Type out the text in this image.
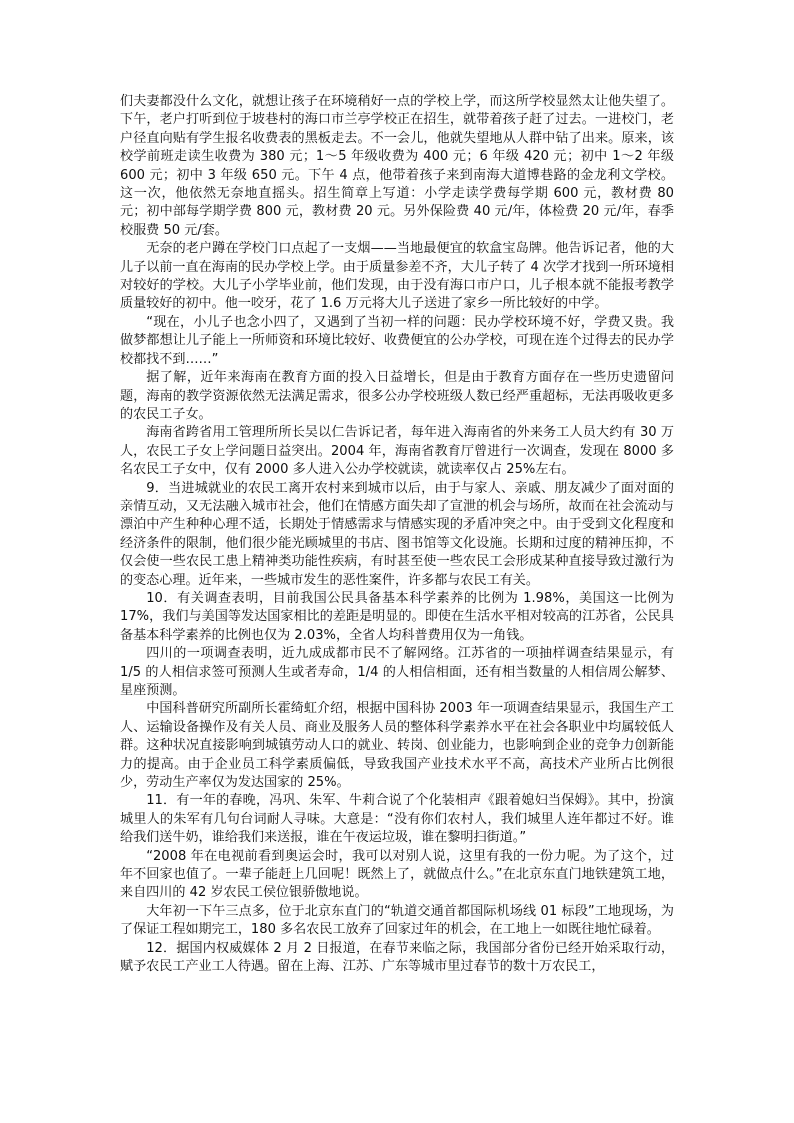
们夫妻都没什么文化，就想让孩子在环境稍好一点的学校上学，而这所学校显然太让他失望了。下午，老户打听到位于坡巷村的海口市兰亭学校正在招生，就带着孩子赶了过去。一进校门，老户径直向贴有学生报名收费表的黑板走去。不一会儿，他就失望地从人群中钻了出来。原来，该校学前班走读生收费为 380 元；1～5 年级收费为 400 元；6 年级 420 元；初中 1～2 年级 600 元；初中 3 年级 650 元。下午 4 点，他带着孩子来到南海大道博巷路的金龙利文学校。这一次，他依然无奈地直摇头。招生简章上写道：小学走读学费每学期 600 元，教材费 80 元；初中部每学期学费 800 元，教材费 20 元。另外保险费 40 元/年，体检费 20 元/年，春季校服费 50 元/套。

无奈的老户蹲在学校门口点起了一支烟——当地最便宜的软盒宝岛牌。他告诉记者，他的大儿子以前一直在海南的民办学校上学。由于质量参差不齐，大儿子转了 4 次学才找到一所环境相对较好的学校。大儿子小学毕业前，他们发现，由于没有海口市户口，儿子根本就不能报考教学质量较好的初中。他一咬牙，花了 1.6 万元将大儿子送进了家乡一所比较好的中学。

“现在，小儿子也念小四了，又遇到了当初一样的问题：民办学校环境不好，学费又贵。我做梦都想让儿子能上一所师资和环境比较好、收费便宜的公办学校，可现在连个过得去的民办学校都找不到……”

据了解，近年来海南在教育方面的投入日益增长，但是由于教育方面存在一些历史遗留问题，海南的教学资源依然无法满足需求，很多公办学校班级人数已经严重超标，无法再吸收更多的农民工子女。

海南省跨省用工管理所所长吴以仁告诉记者，每年进入海南省的外来务工人员大约有 30 万人，农民工子女上学问题日益突出。2004 年，海南省教育厅曾进行一次调查，发现在 8000 多名农民工子女中，仅有 2000 多人进入公办学校就读，就读率仅占 25%左右。

9．当进城就业的农民工离开农村来到城市以后，由于与家人、亲戚、朋友减少了面对面的亲情互动，又无法融入城市社会，他们在情感方面失却了宣泄的机会与场所，故而在社会流动与漂泊中产生种种心理不适，长期处于情感需求与情感实现的矛盾冲突之中。由于受到文化程度和经济条件的限制，他们很少能光顾城里的书店、图书馆等文化设施。长期和过度的精神压抑，不仅会使一些农民工患上精神类功能性疾病，有时甚至使一些农民工会形成某种直接导致过激行为的变态心理。近年来，一些城市发生的恶性案件，许多都与农民工有关。

10．有关调查表明，目前我国公民具备基本科学素养的比例为 1.98%，美国这一比例为 17%，我们与美国等发达国家相比的差距是明显的。即使在生活水平相对较高的江苏省，公民具备基本科学素养的比例也仅为 2.03%，全省人均科普费用仅为一角钱。

四川的一项调查表明，近九成成都市民不了解网络。江苏省的一项抽样调查结果显示，有 1/5 的人相信求签可预测人生或者寿命，1/4 的人相信相面，还有相当数量的人相信周公解梦、星座预测。

中国科普研究所副所长霍绮虹介绍，根据中国科协 2003 年一项调查结果显示，我国生产工人、运输设备操作及有关人员、商业及服务人员的整体科学素养水平在社会各职业中均属较低人群。这种状况直接影响到城镇劳动人口的就业、转岗、创业能力，也影响到企业的竞争力创新能力的提高。由于企业员工科学素质偏低，导致我国产业技术水平不高，高技术产业所占比例很少，劳动生产率仅为发达国家的 25%。

11．有一年的春晚，冯巩、朱军、牛莉合说了个化装相声《跟着媳妇当保姆》。其中，扮演城里人的朱军有几句台词耐人寻味。大意是：“没有你们农村人，我们城里人连年都过不好。谁给我们送牛奶，谁给我们来送报，谁在午夜运垃圾，谁在黎明扫街道。”

“2008 年在电视前看到奥运会时，我可以对别人说，这里有我的一份力呢。为了这个，过年不回家也值了。一辈子能赶上几回呢！既然上了，就做点什么。”在北京东直门地铁建筑工地，来自四川的 42 岁农民工侯位银骄傲地说。

大年初一下午三点多，位于北京东直门的“轨道交通首都国际机场线 01 标段”工地现场，为了保证工程如期完工，180 多名农民工放弃了回家过年的机会，在工地上一如既往地忙碌着。

12．据国内权威媒体 2 月 2 日报道，在春节来临之际，我国部分省份已经开始采取行动，赋予农民工产业工人待遇。留在上海、江苏、广东等城市里过春节的数十万农民工，
